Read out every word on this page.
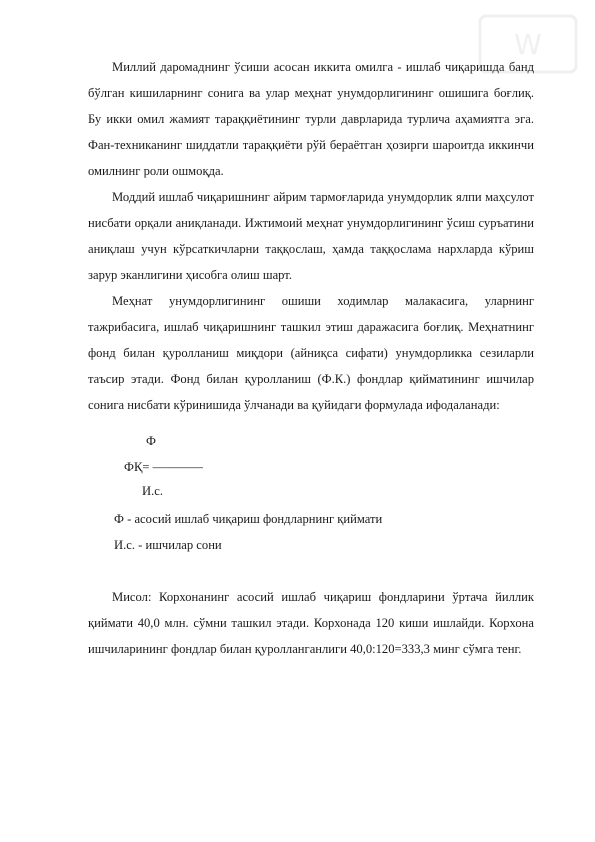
W

Миллий даромаднинг ўсиши асосан иккита омилга - ишлаб чиқаришда банд бўлган кишиларнинг сонига ва улар меҳнат унумдорлигининг ошишига боғлиқ. Бу икки омил жамият тараққиётининг турли даврларида турлича аҳамиятга эга. Фан-техниканинг шиддатли тараққиёти рўй бераётган ҳозирги шароитда иккинчи омилнинг роли ошмоқда.

Моддий ишлаб чиқаришнинг айрим тармоғларида унумдорлик ялпи маҳсулот нисбати орқали аниқланади. Ижтимоий меҳнат унумдорлигининг ўсиш суръатини аниқлаш учун кўрсаткичларни таққослаш, ҳамда таққослама нархларда кўриш зарур эканлигини ҳисобга олиш шарт.

Меҳнат унумдорлигининг ошиши ходимлар малакасига, уларнинг тажрибасига, ишлаб чиқаришнинг ташкил этиш даражасига боғлиқ. Меҳнатнинг фонд билан қуролланиш миқдори (айниқса сифати) унумдорликка сезиларли таъсир этади. Фонд билан қуролланиш (Ф.К.) фондлар қийматининг ишчилар сонига нисбати кўринишида ўлчанади ва қуйидаги формулада ифодаланади:

Ф
ФҚ= ————
И.с.

Ф - асосий ишлаб чиқариш фондларнинг қиймати

И.с. - ишчилар сони

Мисол: Корхонанинг асосий ишлаб чиқариш фондларини ўртача йиллик қиймати 40,0 млн. сўмни ташкил этади. Корхонада 120 киши ишлайди. Корхона ишчиларининг фондлар билан қуролланганлиги 40,0:120=333,3 минг сўмга тенг.
